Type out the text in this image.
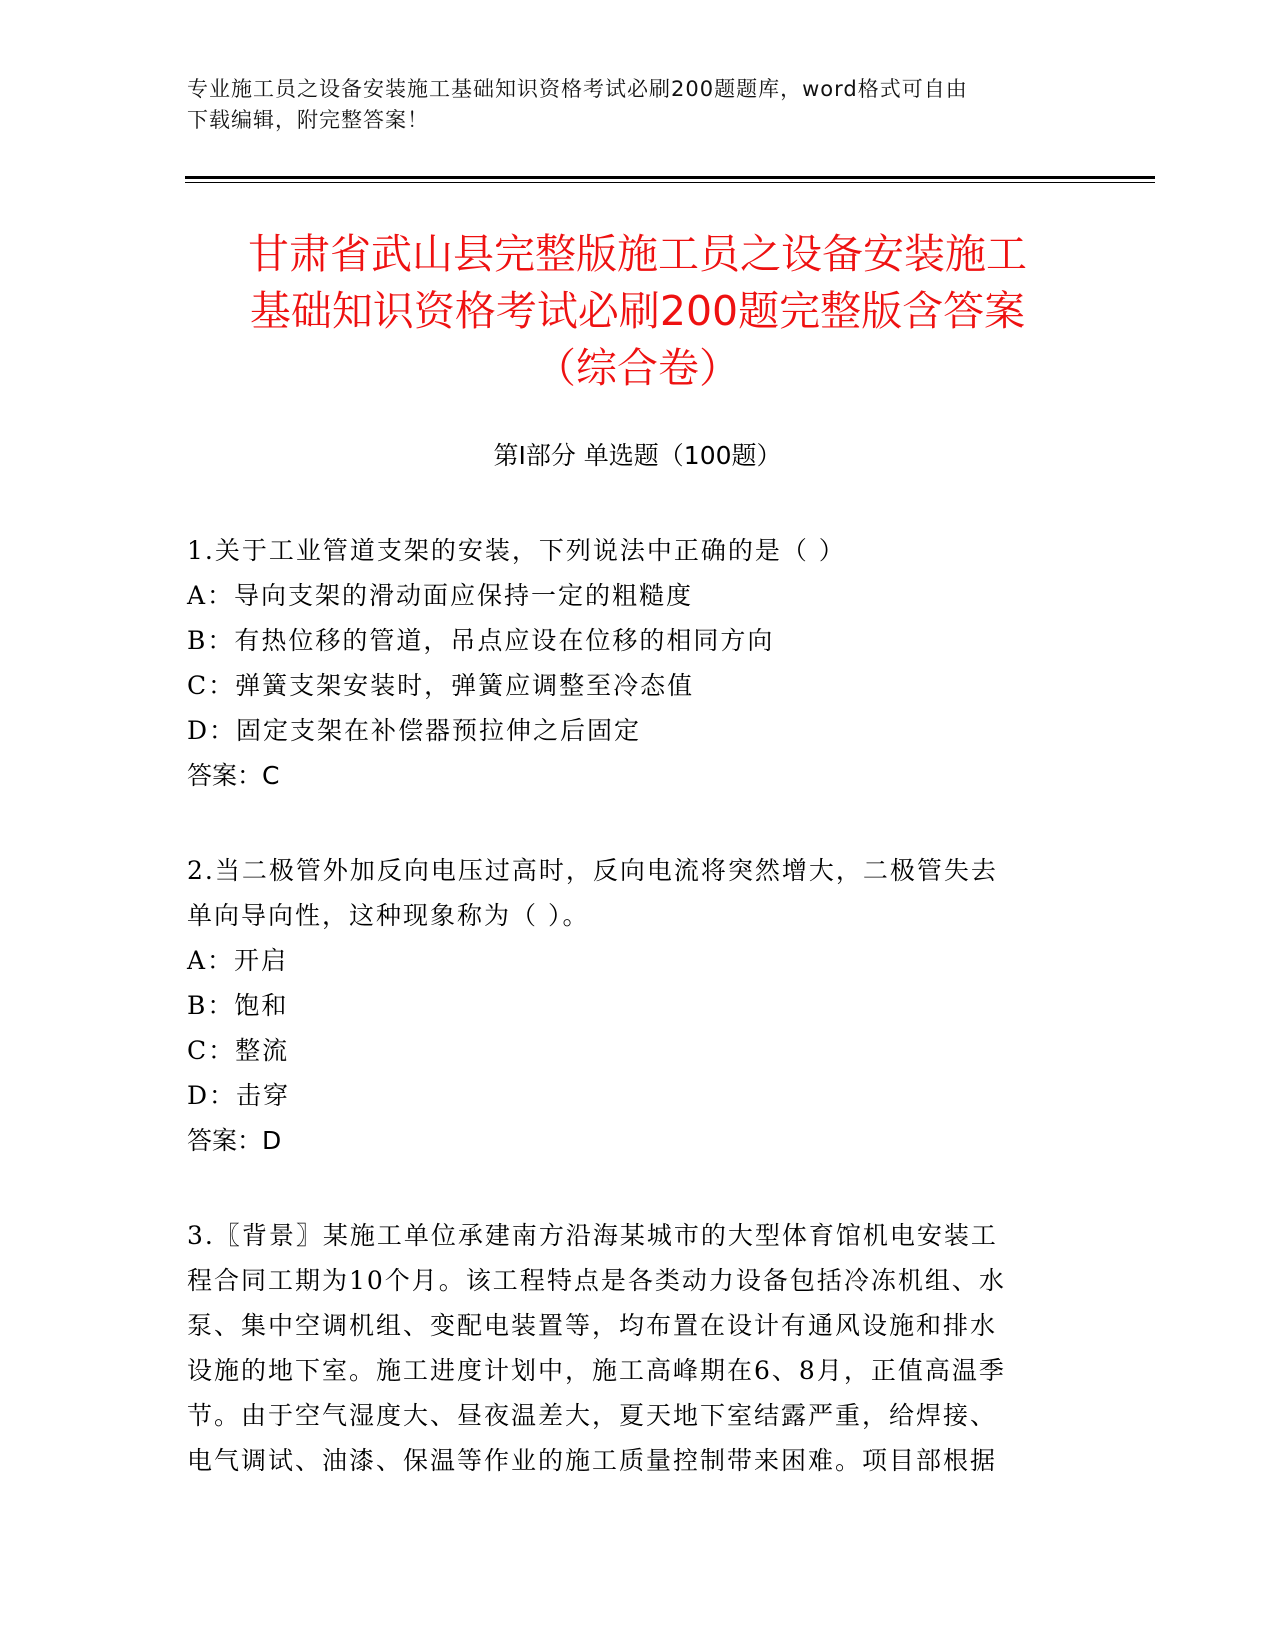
专业施工员之设备安装施工基础知识资格考试必刷200题题库，word格式可自由
下载编辑，附完整答案！
甘肃省武山县完整版施工员之设备安装施工
基础知识资格考试必刷200题完整版含答案
（综合卷）
第Ⅰ部分 单选题（100题）
1.关于工业管道支架的安装，下列说法中正确的是（ ）
A：导向支架的滑动面应保持一定的粗糙度
B：有热位移的管道，吊点应设在位移的相同方向
C：弹簧支架安装时，弹簧应调整至冷态值
D：固定支架在补偿器预拉伸之后固定
答案：C
2.当二极管外加反向电压过高时，反向电流将突然增大，二极管失去
单向导向性，这种现象称为（ ）。
A：开启
B：饱和
C：整流
D：击穿
答案：D
3.〖背景〗某施工单位承建南方沿海某城市的大型体育馆机电安装工
程合同工期为10个月。该工程特点是各类动力设备包括冷冻机组、水
泵、集中空调机组、变配电装置等，均布置在设计有通风设施和排水
设施的地下室。施工进度计划中，施工高峰期在6、8月，正值高温季
节。由于空气湿度大、昼夜温差大，夏天地下室结露严重，给焊接、
电气调试、油漆、保温等作业的施工质量控制带来困难。项目部根据
